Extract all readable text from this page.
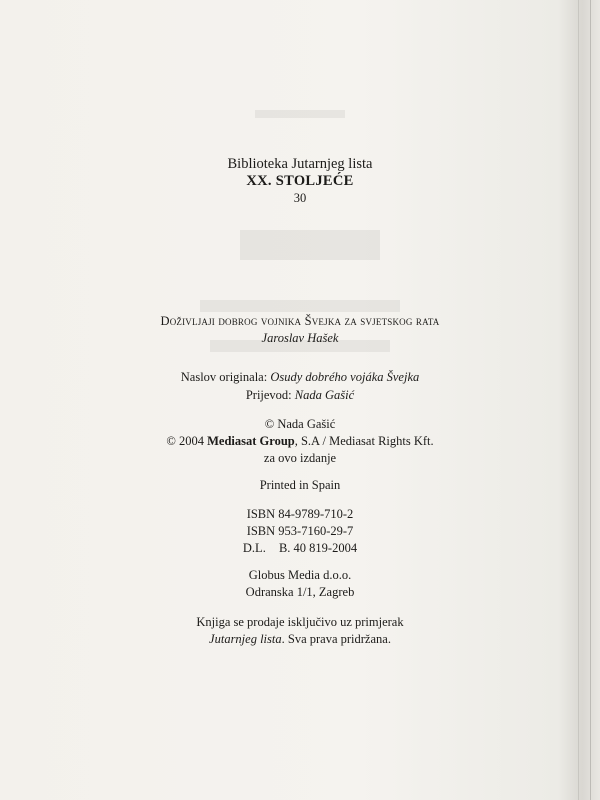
Biblioteka Jutarnjeg lista
XX. STOLJEĆE
30
Doživljaji dobrog vojnika Švejka za svjetskog rata
Jaroslav Hašek
Naslov originala: Osudy dobrého vojáka Švejka
Prijevod: Nada Gašić
© Nada Gašić
© 2004 Mediasat Group, S.A / Mediasat Rights Kft.
za ovo izdanje
Printed in Spain
ISBN 84-9789-710-2
ISBN 953-7160-29-7
D.L. B. 40 819-2004
Globus Media d.o.o.
Odranska 1/1, Zagreb
Knjiga se prodaje isključivo uz primjerak
Jutarnjeg lista. Sva prava pridržana.
